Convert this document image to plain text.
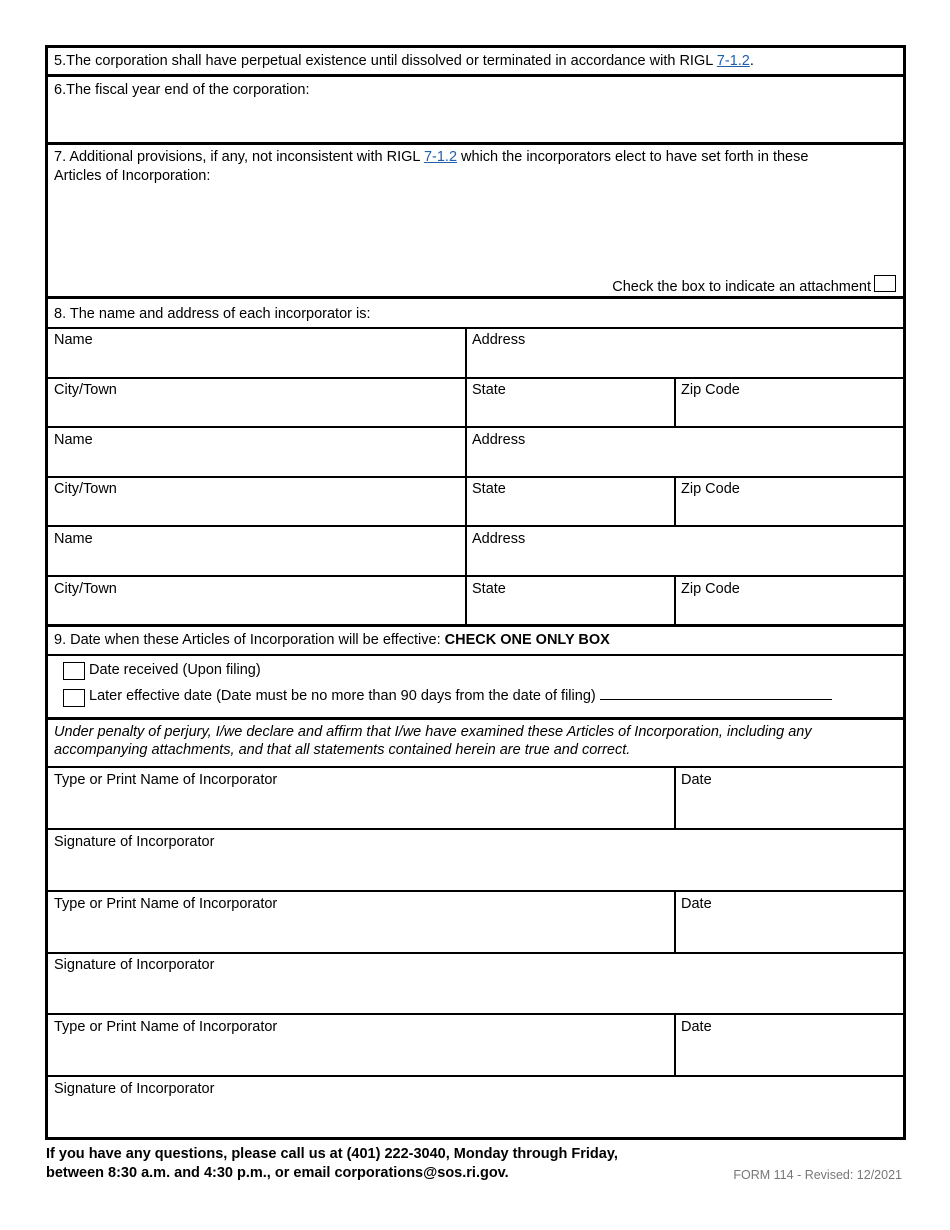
5.The corporation shall have perpetual existence until dissolved or terminated in accordance with RIGL 7-1.2.
6.The fiscal year end of the corporation:
7. Additional provisions, if any, not inconsistent with RIGL 7-1.2 which the incorporators elect to have set forth in these
Articles of Incorporation:
Check the box to indicate an attachment
8. The name and address of each incorporator is:
Name	Address
City/Town	State	Zip Code
Name	Address
City/Town	State	Zip Code
Name	Address
City/Town	State	Zip Code
9. Date when these Articles of Incorporation will be effective: CHECK ONE ONLY BOX
Date received (Upon filing)
Later effective date (Date must be no more than 90 days from the date of filing)
Under penalty of perjury, I/we declare and affirm that I/we have examined these Articles of Incorporation, including any accompanying attachments, and that all statements contained herein are true and correct.
Type or Print Name of Incorporator	Date
Signature of Incorporator
Type or Print Name of Incorporator	Date
Signature of Incorporator
Type or Print Name of Incorporator	Date
Signature of Incorporator
If you have any questions, please call us at (401) 222-3040, Monday through Friday,
between 8:30 a.m. and 4:30 p.m., or email corporations@sos.ri.gov.	FORM 114 - Revised: 12/2021
